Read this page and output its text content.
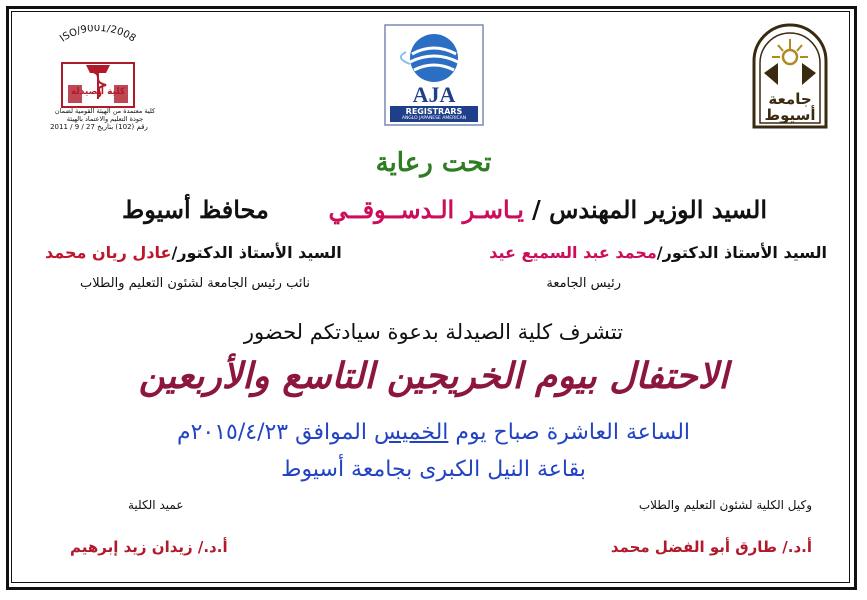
ISO/9001/2008
كلية الصيدلة
كلية معتمدة من الهيئة القومية لضمان
جودة التعليم والاعتماد بالهيئة
رقم (102) بتاريخ 27 / 9 / 2011
AJA
REGISTRARS
ANGLO JAPANESE AMERICAN
جامعة أسيوط
تحت رعاية
السيد الوزير المهندس /يـاسـر الـدســوقــي
محافظ أسيوط
السيد الأستاذ الدكتور/محمد عبد السميع عيد
رئيس الجامعة
السيد الأستاذ الدكتور/عادل ريان محمد
نائب رئيس الجامعة لشئون التعليم والطلاب
تتشرف كلية الصيدلة بدعوة سيادتكم لحضور
الاحتفال بيوم الخريجين التاسع والأربعين
الساعة العاشرة صباح يوم الخميس الموافق ٢٠١٥/٤/٢٣م
بقاعة النيل الكبرى بجامعة أسيوط
وكيل الكلية لشئون التعليم والطلاب
عميد الكلية
أ.د./ طارق أبو الفضل محمد
أ.د./ زيدان زيد إبرهيم
